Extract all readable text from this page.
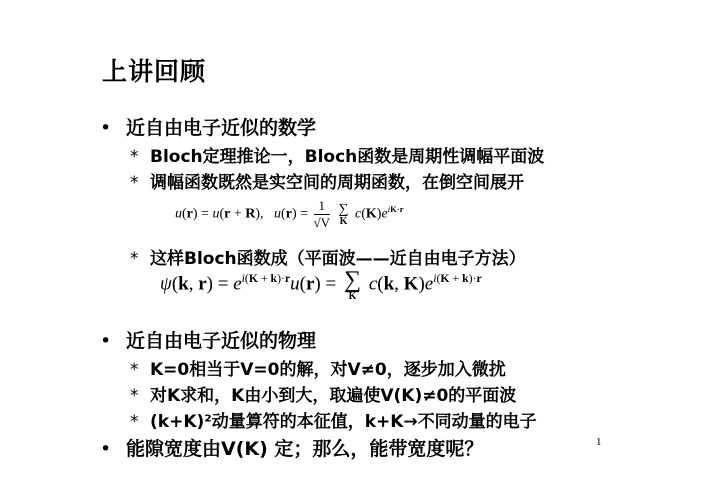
上讲回顾
• 近自由电子近似的数学
* Bloch定理推论一，Bloch函数是周期性调幅平面波
* 调幅函数既然是实空间的周期函数，在倒空间展开
u(r) = u(r + R),   $u(r) = \frac{1}{√V}$
∑
K $c(K)e^{iK\cdot r}$
* 这样Bloch函数成（平面波——近自由电子方法）
ψ(k, $r) = e^{i(K + k)\cdot r}u(r)$ = ∑
K
c(k, $K)e^{i(K + k)\cdot r}$
• 近自由电子近似的物理
* K=0相当于V=0的解，对V≠0，逐步加入微扰
* 对K求和，K由小到大，取遍使V(K)≠0的平面波
* (k+K)²动量算符的本征值，k+K→不同动量的电子
• 能隙宽度由V(K) 定；那么，能带宽度呢？	1
